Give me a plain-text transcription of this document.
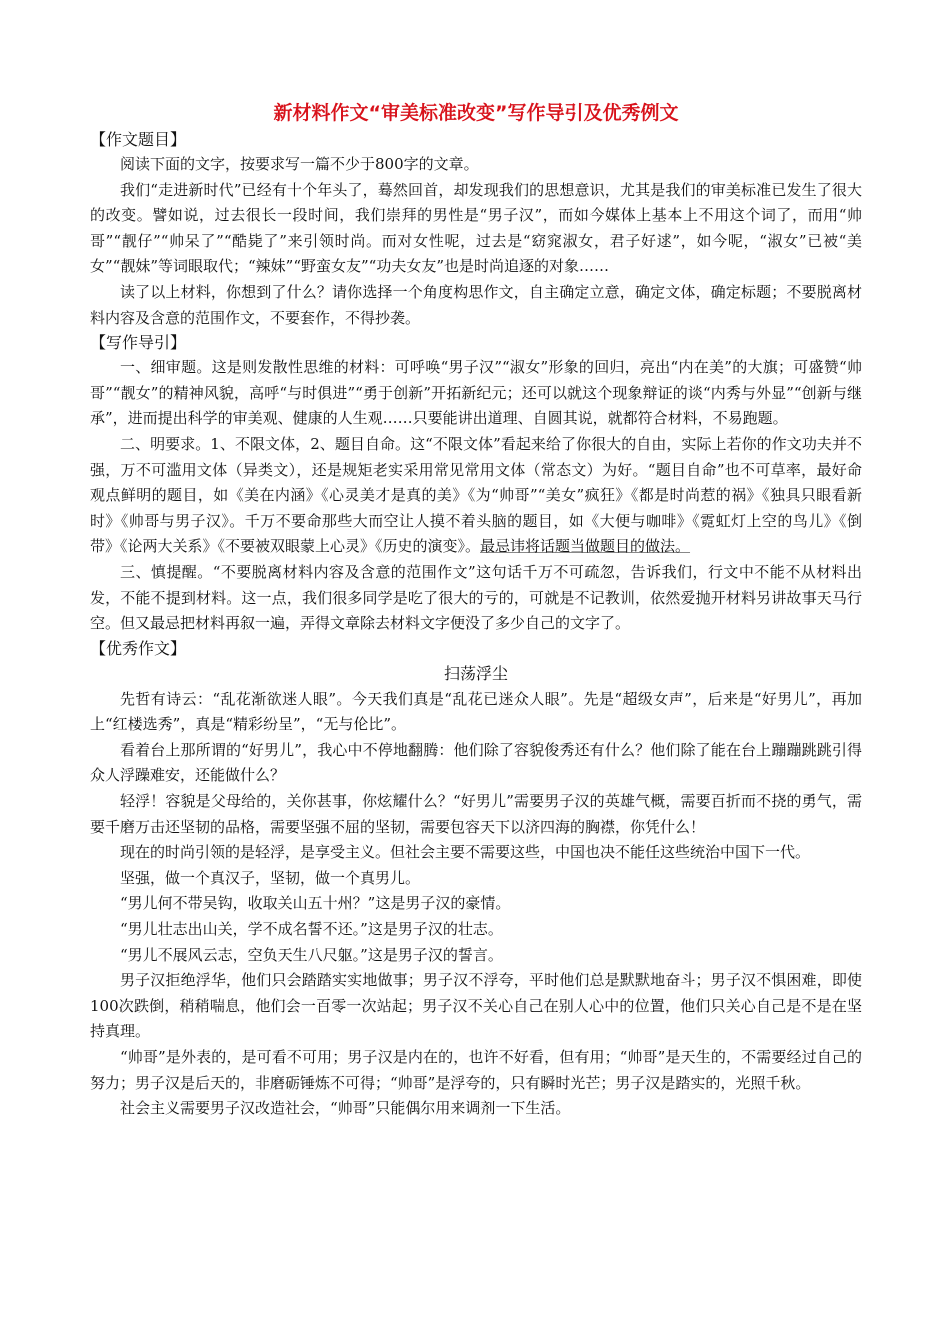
新材料作文“审美标准改变”写作导引及优秀例文
【作文题目】

阅读下面的文字，按要求写一篇不少于800字的文章。

我们“走进新时代”已经有十个年头了，蓦然回首，却发现我们的思想意识，尤其是我们的审美标准已发生了很大的改变。譬如说，过去很长一段时间，我们崇拜的男性是“男子汉”，而如今媒体上基本上不用这个词了，而用“帅哥”“靓仔”“帅呆了”“酷毙了”来引领时尚。而对女性呢，过去是“窈窕淑女，君子好逑”，如今呢，“淑女”已被“美女”“靓妹”等词眼取代；“辣妹”“野蛮女友”“功夫女友”也是时尚追逐的对象……

读了以上材料，你想到了什么？请你选择一个角度构思作文，自主确定立意，确定文体，确定标题；不要脱离材料内容及含意的范围作文，不要套作，不得抄袭。

【写作导引】

一、细审题。这是则发散性思维的材料：可呼唤“男子汉”“淑女”形象的回归，亮出“内在美”的大旗；可盛赞“帅哥”“靓女”的精神风貌，高呼“与时俱进”“勇于创新”开拓新纪元；还可以就这个现象辩证的谈“内秀与外显”“创新与继承”，进而提出科学的审美观、健康的人生观……只要能讲出道理、自圆其说，就都符合材料，不易跑题。

二、明要求。1、不限文体，2、题目自命。这“不限文体”看起来给了你很大的自由，实际上若你的作文功夫并不强，万不可滥用文体（异类文），还是规矩老实采用常见常用文体（常态文）为好。“题目自命”也不可草率，最好命观点鲜明的题目，如《美在内涵》《心灵美才是真的美》《为“帅哥”“美女”疯狂》《都是时尚惹的祸》《独具只眼看新时》《帅哥与男子汉》。千万不要命那些大而空让人摸不着头脑的题目，如《大便与咖啡》《霓虹灯上空的鸟儿》《倒带》《论两大关系》《不要被双眼蒙上心灵》《历史的演变》。最忌讳将话题当做题目的做法。

三、慎提醒。“不要脱离材料内容及含意的范围作文”这句话千万不可疏忽，告诉我们，行文中不能不从材料出发，不能不提到材料。这一点，我们很多同学是吃了很大的亏的，可就是不记教训，依然爱抛开材料另讲故事天马行空。但又最忌把材料再叙一遍，弄得文章除去材料文字便没了多少自己的文字了。

【优秀作文】
扫荡浮尘

先哲有诗云：“乱花渐欲迷人眼”。今天我们真是“乱花已迷众人眼”。先是“超级女声”，后来是“好男儿”，再加上“红楼选秀”，真是“精彩纷呈”，“无与伦比”。

看着台上那所谓的“好男儿”，我心中不停地翻腾：他们除了容貌俊秀还有什么？他们除了能在台上蹦蹦跳跳引得众人浮躁难安，还能做什么？

轻浮！容貌是父母给的，关你甚事，你炫耀什么？“好男儿”需要男子汉的英雄气概，需要百折而不挠的勇气，需要千磨万击还坚韧的品格，需要坚强不屈的坚韧，需要包容天下以济四海的胸襟，你凭什么！

现在的时尚引领的是轻浮，是享受主义。但社会主要不需要这些，中国也决不能任这些统治中国下一代。

坚强，做一个真汉子，坚韧，做一个真男儿。

“男儿何不带吴钩，收取关山五十州？”这是男子汉的豪情。

“男儿壮志出山关，学不成名誓不还。”这是男子汉的壮志。

“男儿不展风云志，空负天生八尺躯。”这是男子汉的誓言。

男子汉拒绝浮华，他们只会踏踏实实地做事；男子汉不浮夸，平时他们总是默默地奋斗；男子汉不惧困难，即使100次跌倒，稍稍喘息，他们会一百零一次站起；男子汉不关心自己在别人心中的位置，他们只关心自己是不是在坚持真理。

“帅哥”是外表的，是可看不可用；男子汉是内在的，也许不好看，但有用；“帅哥”是天生的，不需要经过自己的努力；男子汉是后天的，非磨砺锤炼不可得；“帅哥”是浮夸的，只有瞬时光芒；男子汉是踏实的，光照千秋。

社会主义需要男子汉改造社会，“帅哥”只能偶尔用来调剂一下生活。
